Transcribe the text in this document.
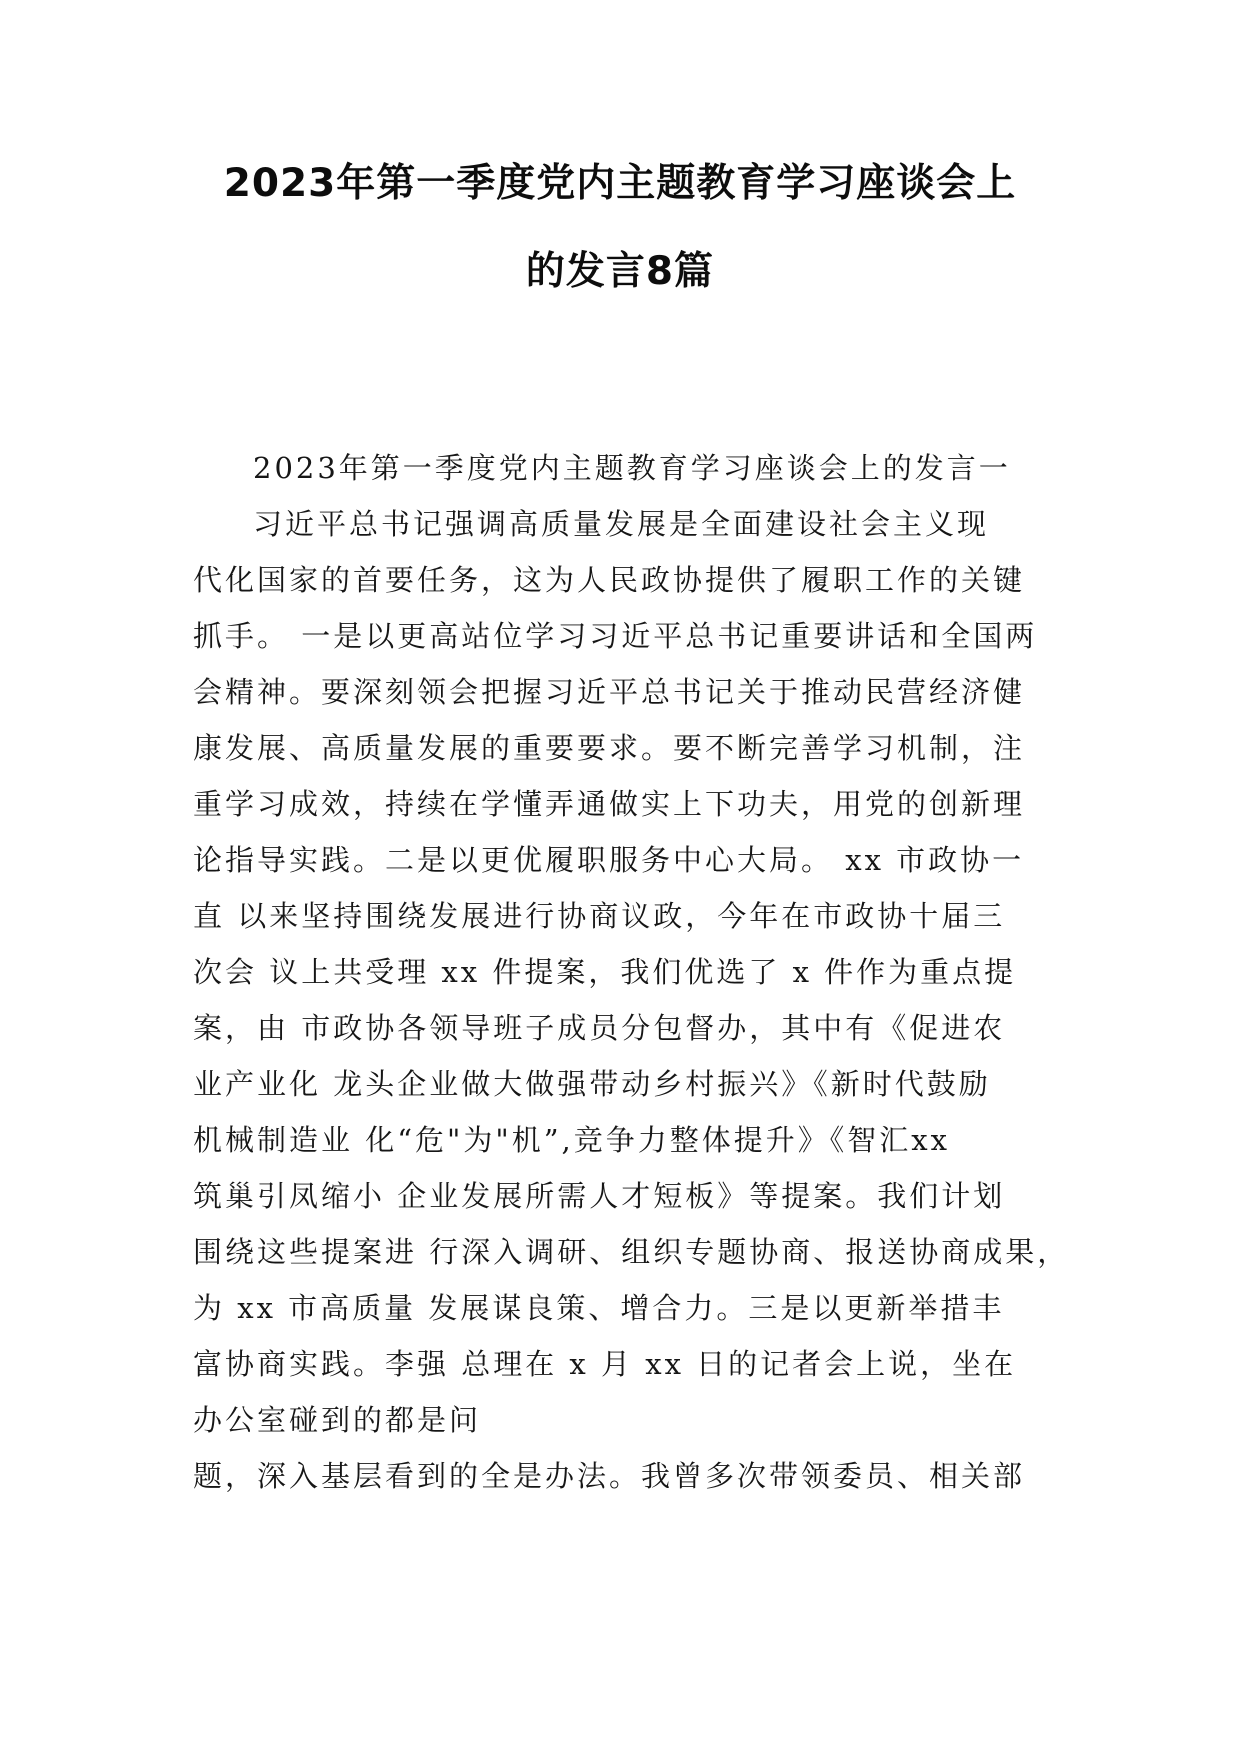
2023年第一季度党内主题教育学习座谈会上
的发言8篇
2023年第一季度党内主题教育学习座谈会上的发言一
习近平总书记强调高质量发展是全面建设社会主义现
代化国家的首要任务，这为人民政协提供了履职工作的关键
抓手。 一是以更高站位学习习近平总书记重要讲话和全国两
会精神。要深刻领会把握习近平总书记关于推动民营经济健
康发展、高质量发展的重要要求。要不断完善学习机制，注
重学习成效，持续在学懂弄通做实上下功夫，用党的创新理
论指导实践。二是以更优履职服务中心大局。 xx 市政协一
直 以来坚持围绕发展进行协商议政，今年在市政协十届三
次会 议上共受理 xx 件提案，我们优选了 x 件作为重点提
案，由 市政协各领导班子成员分包督办，其中有《促进农
业产业化 龙头企业做大做强带动乡村振兴》《新时代鼓励
机械制造业 化“危"为"机”,竞争力整体提升》《智汇xx
筑巢引凤缩小 企业发展所需人才短板》等提案。我们计划
围绕这些提案进 行深入调研、组织专题协商、报送协商成果，
为 xx 市高质量 发展谋良策、增合力。三是以更新举措丰
富协商实践。李强 总理在 x 月 xx 日的记者会上说，坐在
办公室碰到的都是问
题，深入基层看到的全是办法。我曾多次带领委员、相关部
